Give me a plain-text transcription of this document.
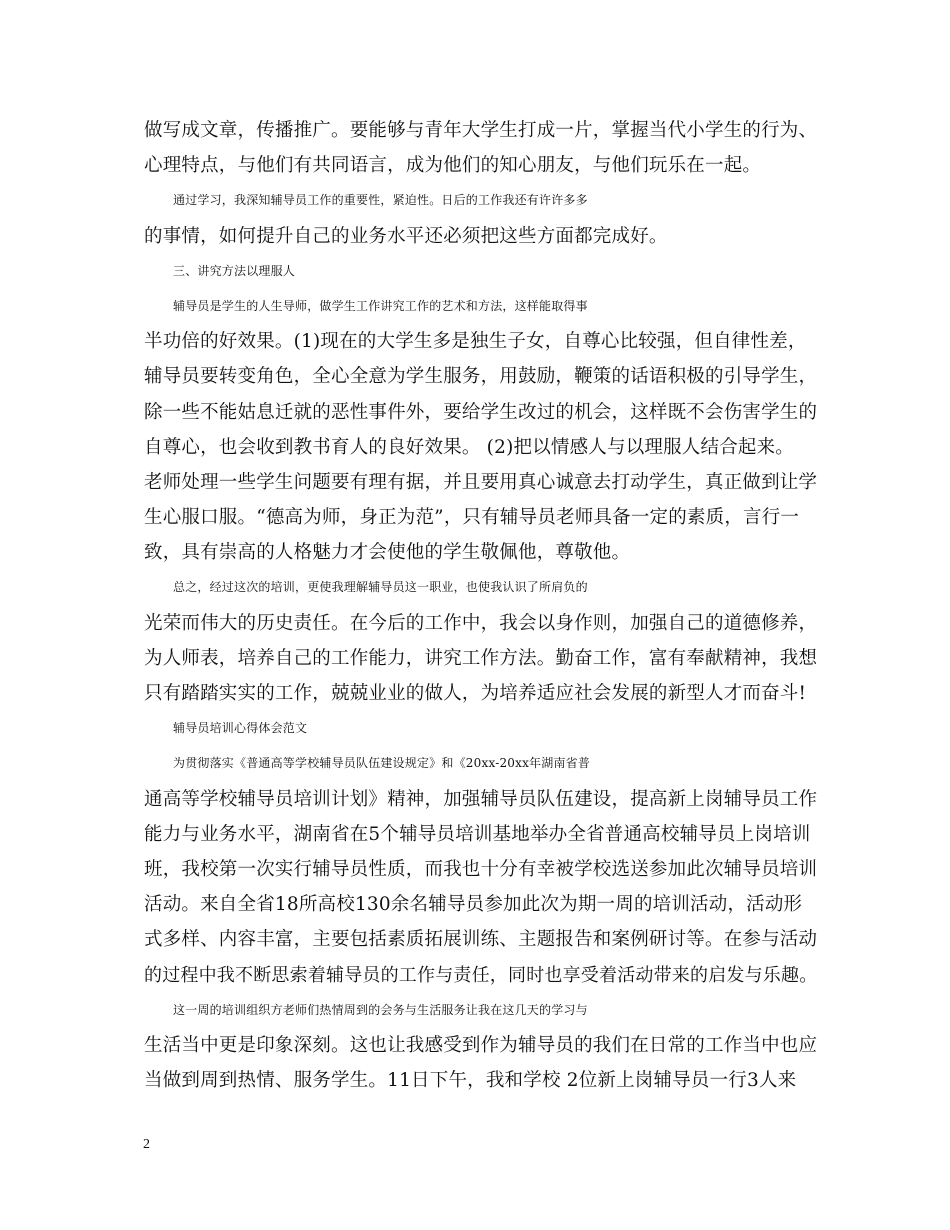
做写成文章，传播推广。要能够与青年大学生打成一片，掌握当代小学生的行为、
心理特点，与他们有共同语言，成为他们的知心朋友，与他们玩乐在一起。
通过学习，我深知辅导员工作的重要性，紧迫性。日后的工作我还有许许多多
的事情，如何提升自己的业务水平还必须把这些方面都完成好。
三、讲究方法以理服人
辅导员是学生的人生导师，做学生工作讲究工作的艺术和方法，这样能取得事
半功倍的好效果。(1)现在的大学生多是独生子女，自尊心比较强，但自律性差，
辅导员要转变角色，全心全意为学生服务，用鼓励，鞭策的话语积极的引导学生，
除一些不能姑息迁就的恶性事件外，要给学生改过的机会，这样既不会伤害学生的
自尊心，也会收到教书育人的良好效果。 (2)把以情感人与以理服人结合起来。
老师处理一些学生问题要有理有据，并且要用真心诚意去打动学生，真正做到让学
生心服口服。“德高为师，身正为范”，只有辅导员老师具备一定的素质，言行一
致，具有崇高的人格魅力才会使他的学生敬佩他，尊敬他。
总之，经过这次的培训，更使我理解辅导员这一职业，也使我认识了所肩负的
光荣而伟大的历史责任。在今后的工作中，我会以身作则，加强自己的道德修养，
为人师表，培养自己的工作能力，讲究工作方法。勤奋工作，富有奉献精神，我想
只有踏踏实实的工作，兢兢业业的做人，为培养适应社会发展的新型人才而奋斗!
辅导员培训心得体会范文
为贯彻落实《普通高等学校辅导员队伍建设规定》和《20xx-20xx年湖南省普
通高等学校辅导员培训计划》精神，加强辅导员队伍建设，提高新上岗辅导员工作
能力与业务水平，湖南省在5个辅导员培训基地举办全省普通高校辅导员上岗培训
班，我校第一次实行辅导员性质，而我也十分有幸被学校选送参加此次辅导员培训
活动。来自全省18所高校130余名辅导员参加此次为期一周的培训活动，活动形
式多样、内容丰富，主要包括素质拓展训练、主题报告和案例研讨等。在参与活动
的过程中我不断思索着辅导员的工作与责任，同时也享受着活动带来的启发与乐趣。
这一周的培训组织方老师们热情周到的会务与生活服务让我在这几天的学习与
生活当中更是印象深刻。这也让我感受到作为辅导员的我们在日常的工作当中也应
当做到周到热情、服务学生。11日下午，我和学校 2位新上岗辅导员一行3人来
2
